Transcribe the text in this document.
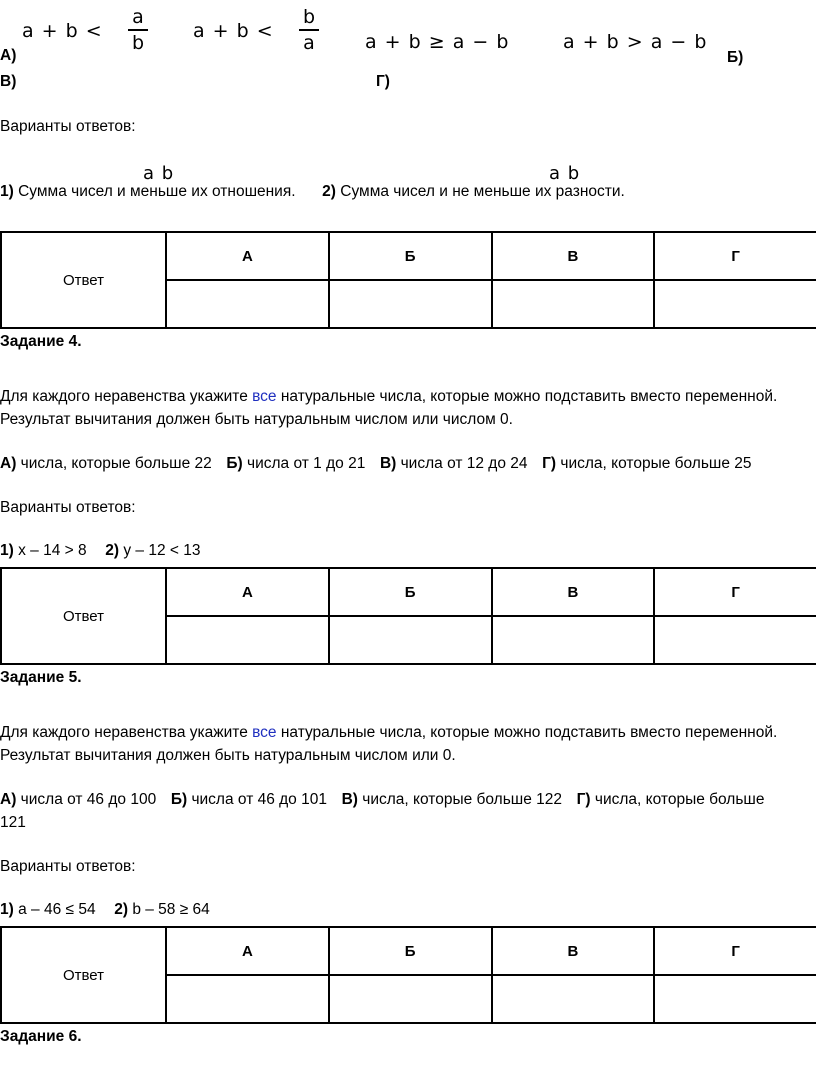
a + b <
a
b
a + b <
b
a	a + b ≥ a − b	a + b > a − b
А)	Б)
В)	Г)
Варианты ответов:
a b	a b
1) Сумма чисел и меньше их отношения. 2) Сумма чисел и не меньше их разности.
Ответ	А	Б	В	Г

Задание 4.
Для каждого неравенства укажите все натуральные числа, которые можно подставить вместо переменной.
Результат вычитания должен быть натуральным числом или числом 0.
А) числа, которые больше 22 Б) числа от 1 до 21 В) числа от 12 до 24 Г) числа, которые больше 25
Варианты ответов:
1) x – 14 > 8 2) y – 12 < 13
Ответ	А	Б	В	Г

Задание 5.
Для каждого неравенства укажите все натуральные числа, которые можно подставить вместо переменной.
Результат вычитания должен быть натуральным числом или 0.
А) числа от 46 до 100 Б) числа от 46 до 101 В) числа, которые больше 122 Г) числа, которые больше
121
Варианты ответов:
1) a – 46 ≤ 54 2) b – 58 ≥ 64
Ответ	А	Б	В	Г

Задание 6.
